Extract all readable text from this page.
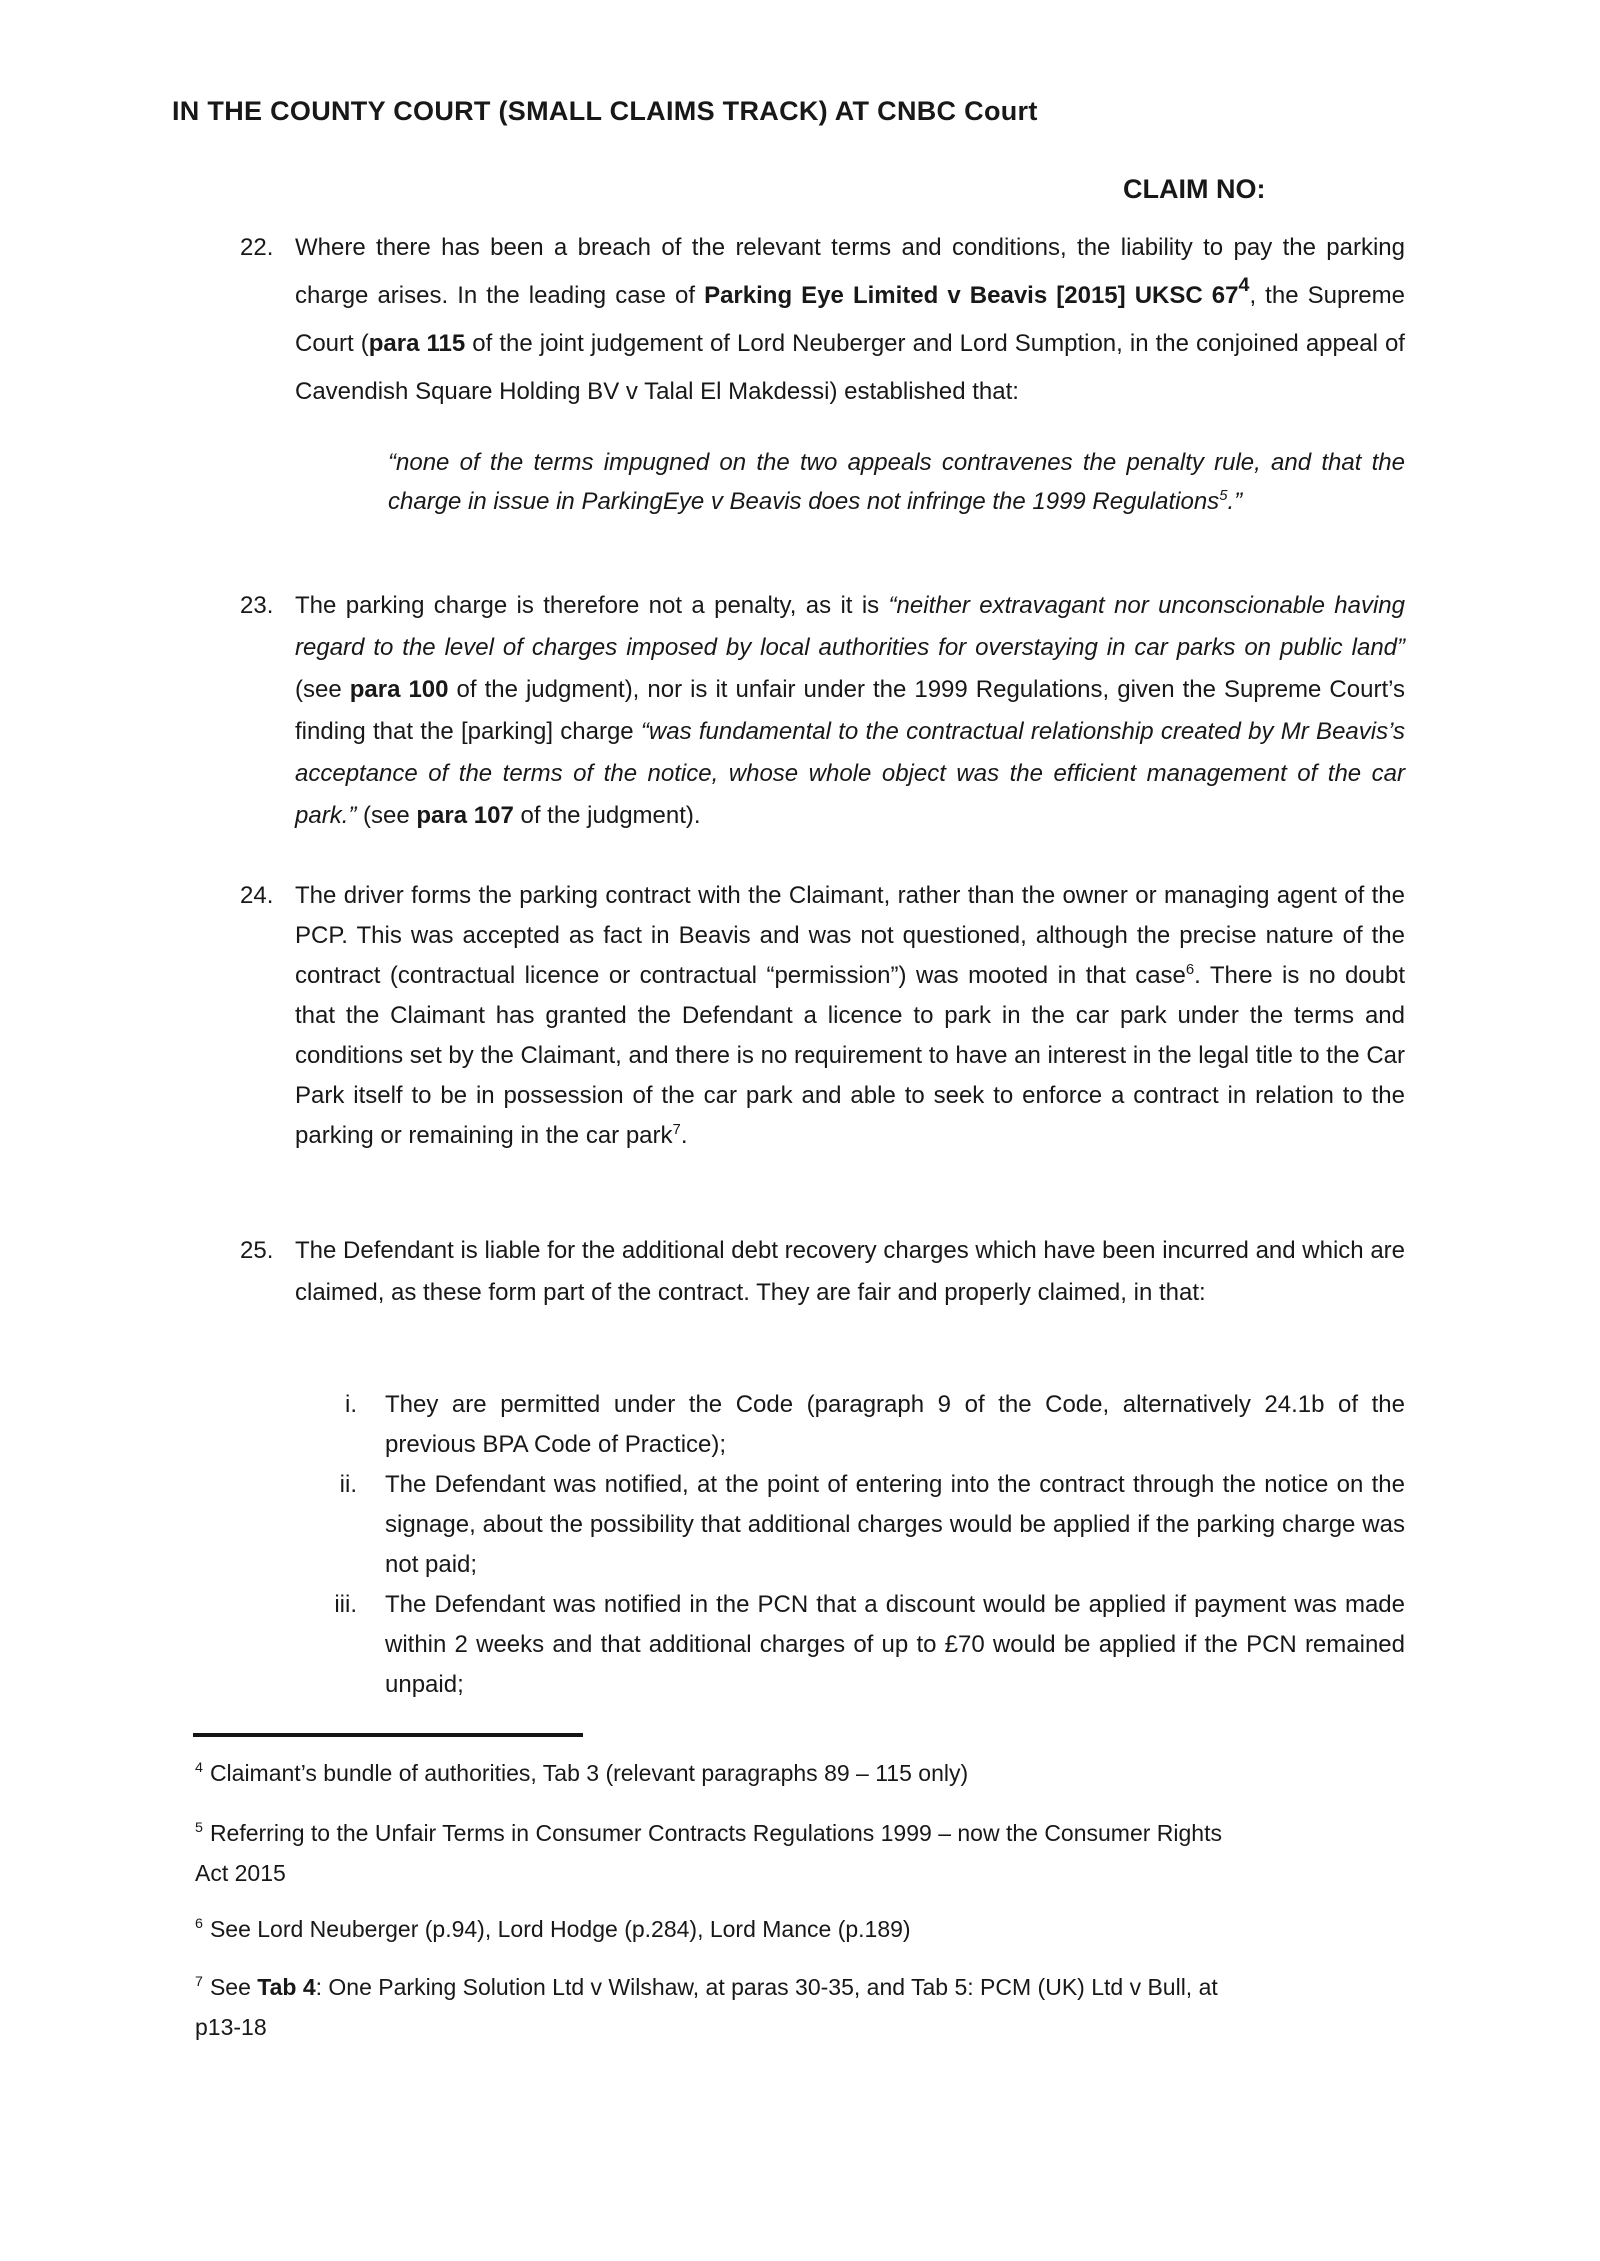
IN THE COUNTY COURT (SMALL CLAIMS TRACK) AT CNBC Court
CLAIM NO:
22. Where there has been a breach of the relevant terms and conditions, the liability to pay the parking charge arises. In the leading case of Parking Eye Limited v Beavis [2015] UKSC $67^4$, the Supreme Court (para 115 of the joint judgement of Lord Neuberger and Lord Sumption, in the conjoined appeal of Cavendish Square Holding BV v Talal El Makdessi) established that:
“none of the terms impugned on the two appeals contravenes the penalty rule, and that the charge in issue in ParkingEye v Beavis does not infringe the 1999 Regulations$^5$.”
23. The parking charge is therefore not a penalty, as it is “neither extravagant nor unconscionable having regard to the level of charges imposed by local authorities for overstaying in car parks on public land” (see para 100 of the judgment), nor is it unfair under the 1999 Regulations, given the Supreme Court’s finding that the [parking] charge “was fundamental to the contractual relationship created by Mr Beavis’s acceptance of the terms of the notice, whose whole object was the efficient management of the car park.” (see para 107 of the judgment).
24. The driver forms the parking contract with the Claimant, rather than the owner or managing agent of the PCP. This was accepted as fact in Beavis and was not questioned, although the precise nature of the contract (contractual licence or contractual “permission”) was mooted in that case$^6$. There is no doubt that the Claimant has granted the Defendant a licence to park in the car park under the terms and conditions set by the Claimant, and there is no requirement to have an interest in the legal title to the Car Park itself to be in possession of the car park and able to seek to enforce a contract in relation to the parking or remaining in the car park$^7$.
25. The Defendant is liable for the additional debt recovery charges which have been incurred and which are claimed, as these form part of the contract. They are fair and properly claimed, in that:
i. They are permitted under the Code (paragraph 9 of the Code, alternatively 24.1b of the previous BPA Code of Practice);
ii. The Defendant was notified, at the point of entering into the contract through the notice on the signage, about the possibility that additional charges would be applied if the parking charge was not paid;
iii. The Defendant was notified in the PCN that a discount would be applied if payment was made within 2 weeks and that additional charges of up to £70 would be applied if the PCN remained unpaid;
$^4$ Claimant’s bundle of authorities, Tab 3 (relevant paragraphs 89 – 115 only)
$^5$ Referring to the Unfair Terms in Consumer Contracts Regulations 1999 – now the Consumer Rights
Act 2015
$^6$ See Lord Neuberger (p.94), Lord Hodge (p.284), Lord Mance (p.189)
$^7$ See Tab 4: One Parking Solution Ltd v Wilshaw, at paras 30-35, and Tab 5: PCM (UK) Ltd v Bull, at
p13-18
